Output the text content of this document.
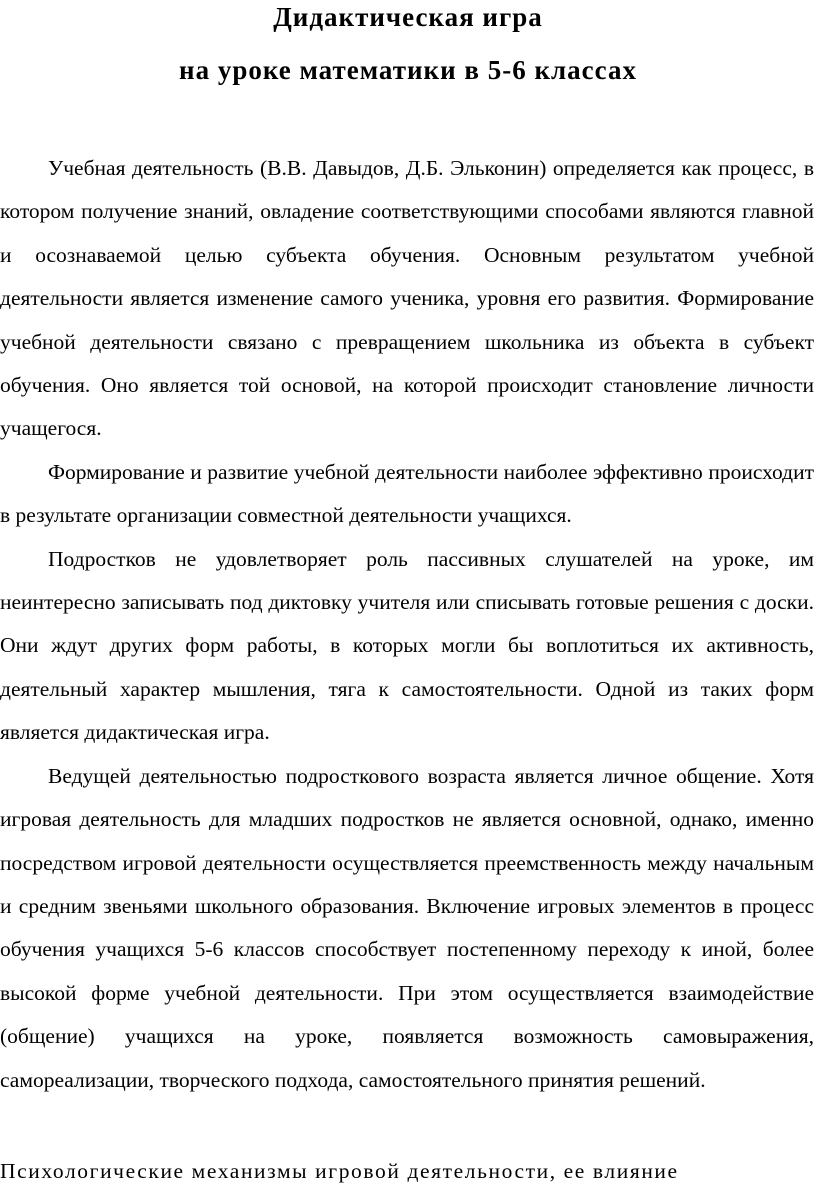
Дидактическая игра
на уроке математики в 5-6 классах

Учебная деятельность (В.В. Давыдов, Д.Б. Эльконин) определяется как процесс, в котором получение знаний, овладение соответствующими способами являются главной и осознаваемой целью субъекта обучения. Основным результатом учебной деятельности является изменение самого ученика, уровня его развития. Формирование учебной деятельности связано с превращением школьника из объекта в субъект обучения. Оно является той основой, на которой происходит становление личности учащегося.

Формирование и развитие учебной деятельности наиболее эффективно происходит в результате организации совместной деятельности учащихся.

Подростков не удовлетворяет роль пассивных слушателей на уроке, им неинтересно записывать под диктовку учителя или списывать готовые решения с доски. Они ждут других форм работы, в которых могли бы воплотиться их активность, деятельный характер мышления, тяга к самостоятельности. Одной из таких форм является дидактическая игра.

Ведущей деятельностью подросткового возраста является личное общение. Хотя игровая деятельность для младших подростков не является основной, однако, именно посредством игровой деятельности осуществляется преемственность между начальным и средним звеньями школьного образования. Включение игровых элементов в процесс обучения учащихся 5-6 классов способствует постепенному переходу к иной, более высокой форме учебной деятельности. При этом осуществляется взаимодействие (общение) учащихся на уроке, появляется возможность самовыражения, самореализации, творческого подхода, самостоятельного принятия решений.

Психологические механизмы игровой деятельности, ее влияние
